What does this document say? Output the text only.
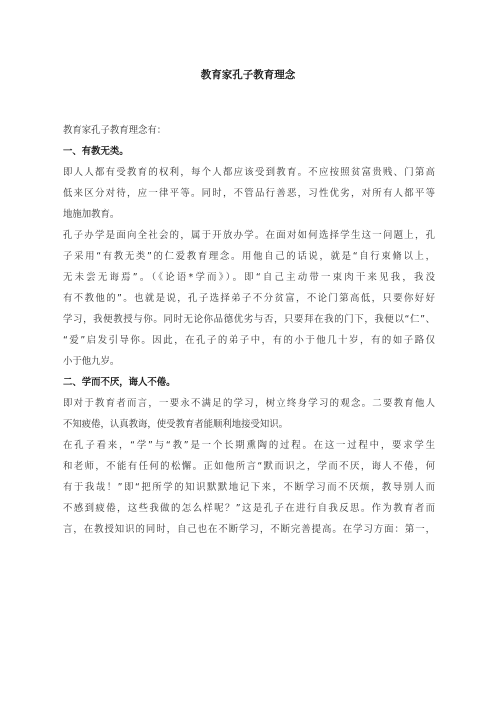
教育家孔子教育理念
教育家孔子教育理念有：
一、有教无类。
即人人都有受教育的权利，每个人都应该受到教育。不应按照贫富贵贱、门第高
低来区分对待，应一律平等。同时，不管品行善恶，习性优劣，对所有人都平等
地施加教育。
孔子办学是面向全社会的，属于开放办学。在面对如何选择学生这一问题上，孔
子采用“有教无类”的仁爱教育理念。用他自己的话说，就是“自行束脩以上，
无未尝无诲焉”。（《论语*学而》）。即“自己主动带一束肉干来见我，我没
有不教他的”。也就是说，孔子选择弟子不分贫富，不论门第高低，只要你好好
学习，我便教授与你。同时无论你品德优劣与否，只要拜在我的门下，我便以“仁”、
“爱”启发引导你。因此，在孔子的弟子中，有的小于他几十岁，有的如子路仅
小于他九岁。
二、学而不厌，诲人不倦。
即对于教育者而言，一要永不满足的学习，树立终身学习的观念。二要教育他人
不知疲倦，认真教诲，使受教育者能顺利地接受知识。
在孔子看来，“学”与“教”是一个长期熏陶的过程。在这一过程中，要求学生
和老师，不能有任何的松懈。正如他所言“默而识之，学而不厌，诲人不倦，何
有于我哉！”即“把所学的知识默默地记下来，不断学习而不厌烦，教导别人而
不感到疲倦，这些我做的怎么样呢？”这是孔子在进行自我反思。作为教育者而
言，在教授知识的同时，自己也在不断学习，不断完善提高。在学习方面：第一，
